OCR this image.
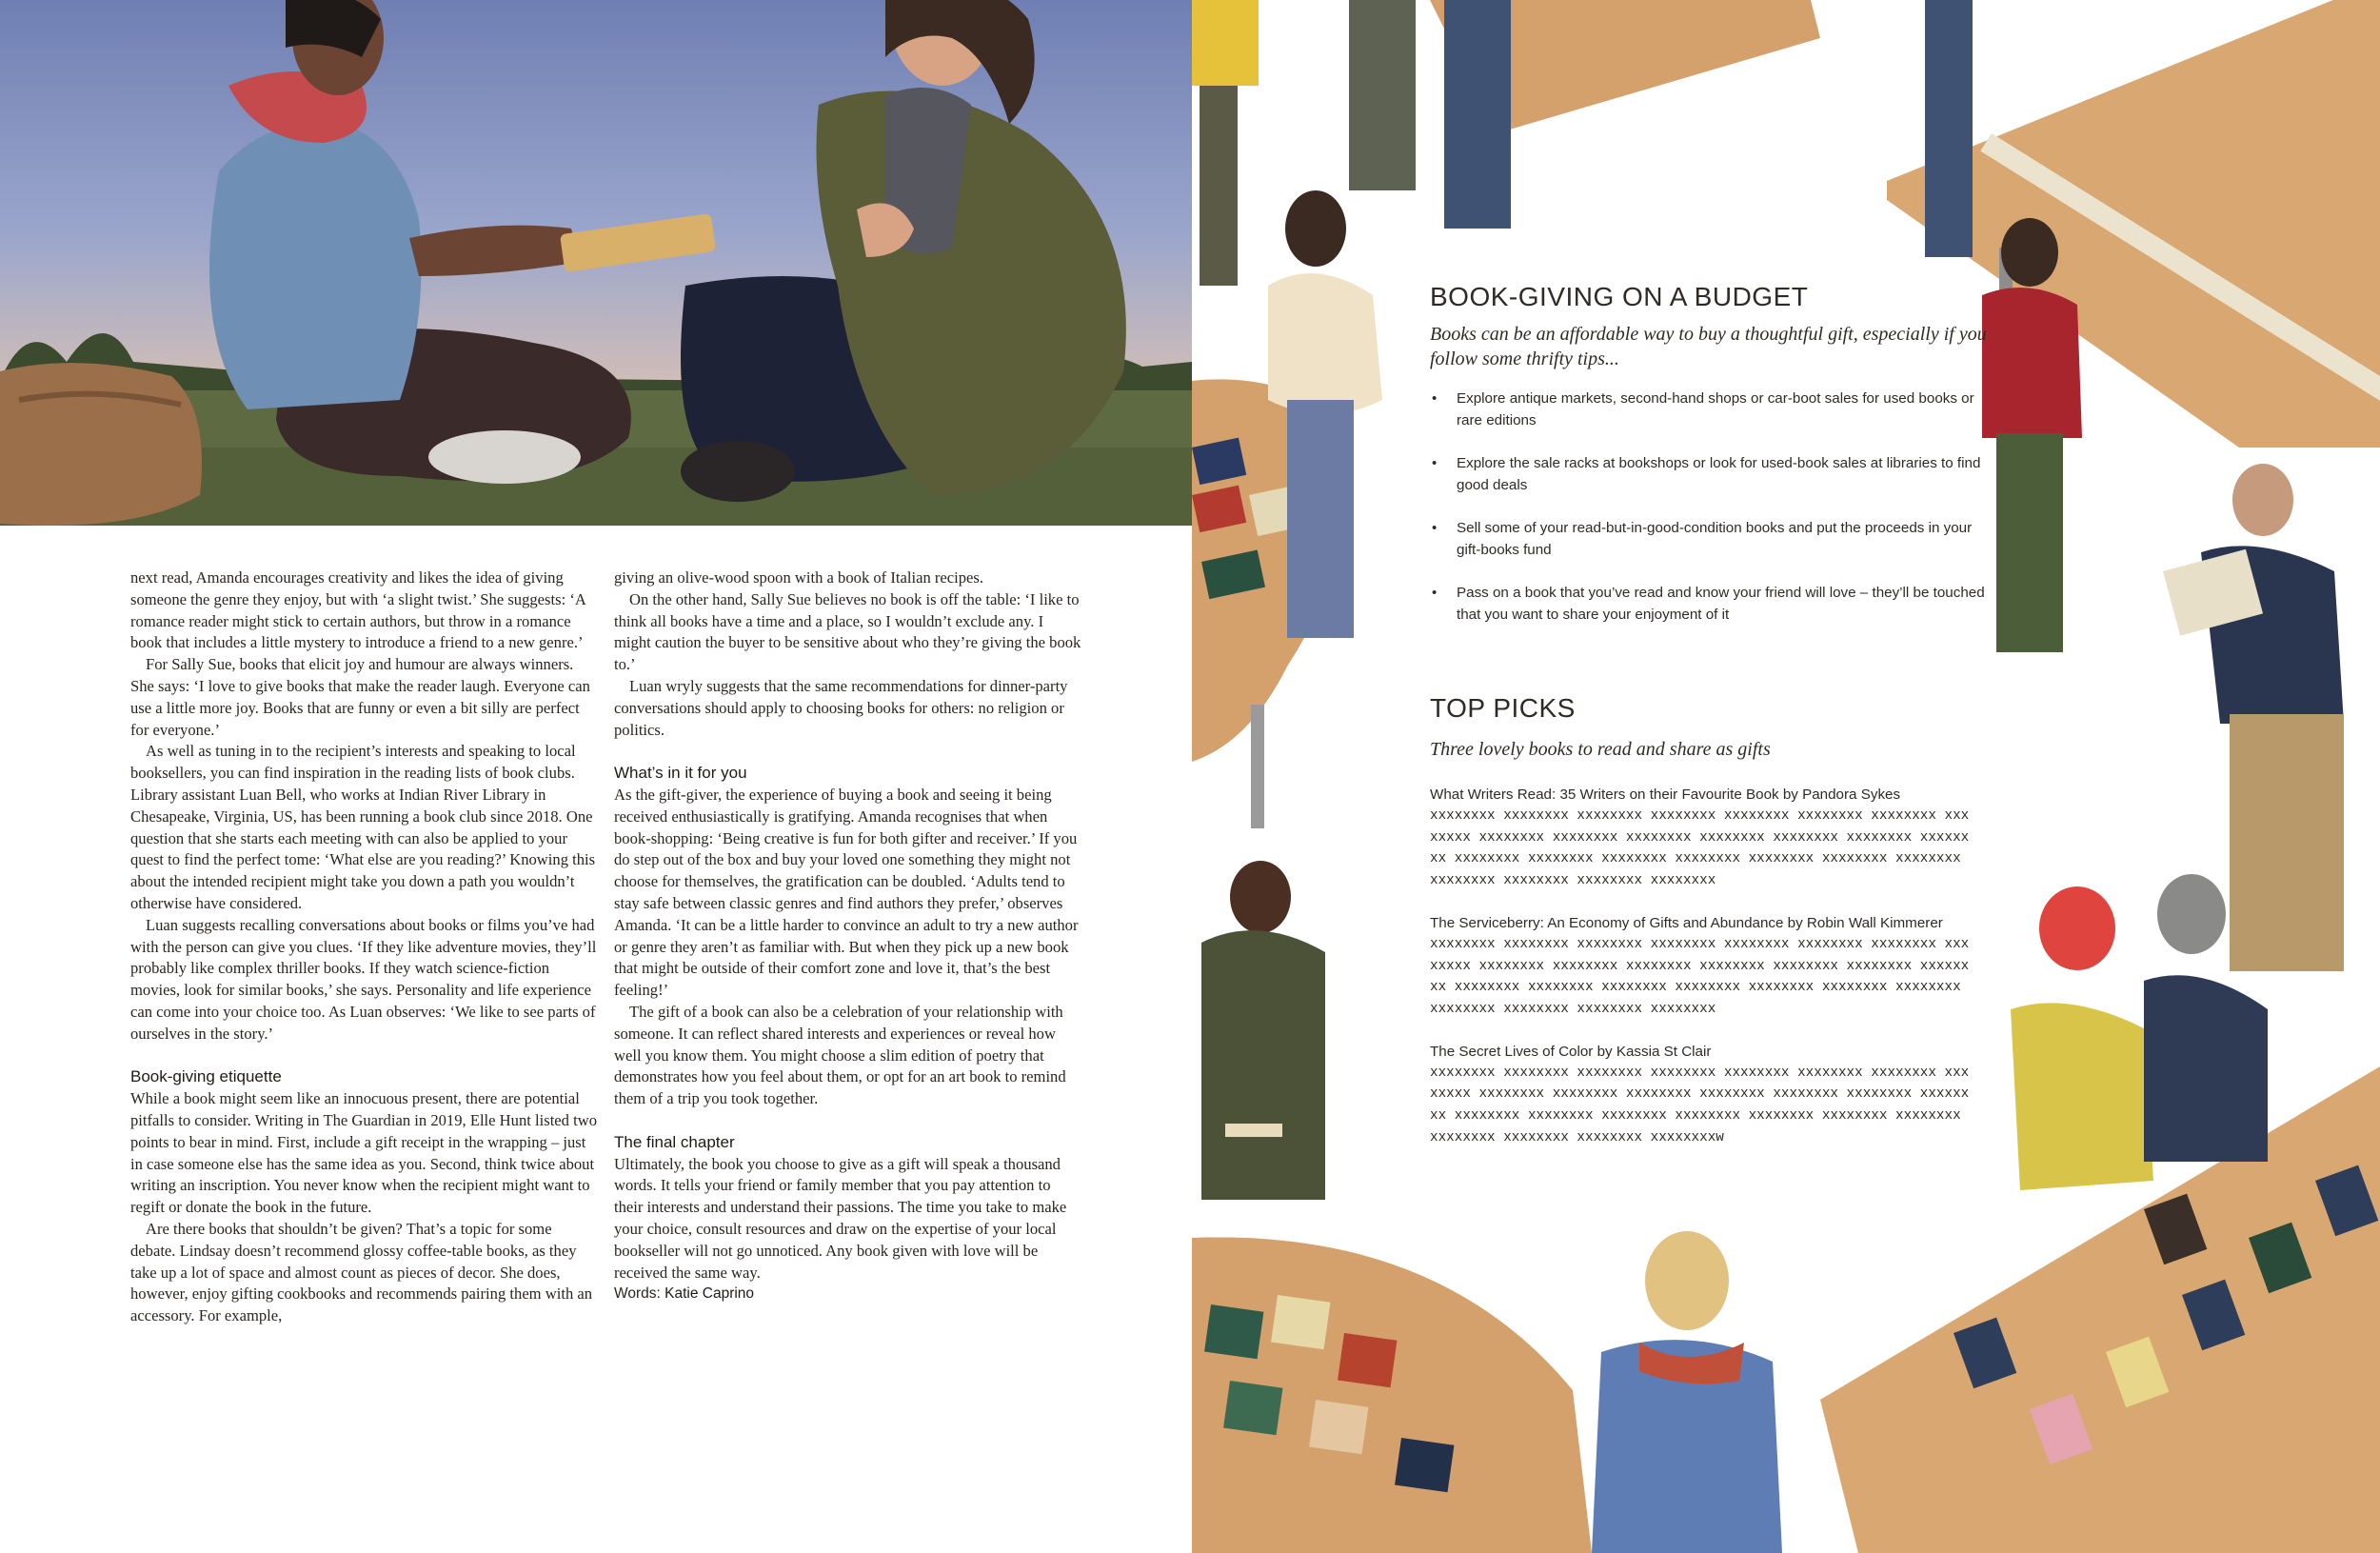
next read, Amanda encourages creativity and likes the idea of giving someone the genre they enjoy, but with ‘a slight twist.’ She suggests: ‘A romance reader might stick to certain authors, but throw in a romance book that includes a little mystery to introduce a friend to a new genre.’

For Sally Sue, books that elicit joy and humour are always winners. She says: ‘I love to give books that make the reader laugh. Everyone can use a little more joy. Books that are funny or even a bit silly are perfect for everyone.’

As well as tuning in to the recipient’s interests and speaking to local booksellers, you can find inspiration in the reading lists of book clubs. Library assistant Luan Bell, who works at Indian River Library in Chesapeake, Virginia, US, has been running a book club since 2018. One question that she starts each meeting with can also be applied to your quest to find the perfect tome: ‘What else are you reading?’ Knowing this about the intended recipient might take you down a path you wouldn’t otherwise have considered.

Luan suggests recalling conversations about books or films you’ve had with the person can give you clues. ‘If they like adventure movies, they’ll probably like complex thriller books. If they watch science-fiction movies, look for similar books,’ she says. Personality and life experience can come into your choice too. As Luan observes: ‘We like to see parts of ourselves in the story.’

Book-giving etiquette

While a book might seem like an innocuous present, there are potential pitfalls to consider. Writing in The Guardian in 2019, Elle Hunt listed two points to bear in mind. First, include a gift receipt in the wrapping – just in case someone else has the same idea as you. Second, think twice about writing an inscription. You never know when the recipient might want to regift or donate the book in the future.

Are there books that shouldn’t be given? That’s a topic for some debate. Lindsay doesn’t recommend glossy coffee-table books, as they take up a lot of space and almost count as pieces of decor. She does, however, enjoy gifting cookbooks and recommends pairing them with an accessory. For example,

giving an olive-wood spoon with a book of Italian recipes.

On the other hand, Sally Sue believes no book is off the table: ‘I like to think all books have a time and a place, so I wouldn’t exclude any. I might caution the buyer to be sensitive about who they’re giving the book to.’

Luan wryly suggests that the same recommendations for dinner-party conversations should apply to choosing books for others: no religion or politics.

What’s in it for you

As the gift-giver, the experience of buying a book and seeing it being received enthusiastically is gratifying. Amanda recognises that when book-shopping: ‘Being creative is fun for both gifter and receiver.’ If you do step out of the box and buy your loved one something they might not choose for themselves, the gratification can be doubled. ‘Adults tend to stay safe between classic genres and find authors they prefer,’ observes Amanda. ‘It can be a little harder to convince an adult to try a new author or genre they aren’t as familiar with. But when they pick up a new book that might be outside of their comfort zone and love it, that’s the best feeling!’

The gift of a book can also be a celebration of your relationship with someone. It can reflect shared interests and experiences or reveal how well you know them. You might choose a slim edition of poetry that demonstrates how you feel about them, or opt for an art book to remind them of a trip you took together.

The final chapter

Ultimately, the book you choose to give as a gift will speak a thousand words. It tells your friend or family member that you pay attention to their interests and understand their passions. The time you take to make your choice, consult resources and draw on the expertise of your local bookseller will not go unnoticed. Any book given with love will be received the same way.

Words: Katie Caprino

BOOK-GIVING ON A BUDGET

Books can be an affordable way to buy a thoughtful gift, especially if you follow some thrifty tips...

• Explore antique markets, second-hand shops or car-boot sales for used books or rare editions
• Explore the sale racks at bookshops or look for used-book sales at libraries to find good deals
• Sell some of your read-but-in-good-condition books and put the proceeds in your gift-books fund
• Pass on a book that you’ve read and know your friend will love – they’ll be touched that you want to share your enjoyment of it
TOP PICKS

Three lovely books to read and share as gifts

What Writers Read: 35 Writers on their Favourite Book by Pandora Sykes
xxxxxxxx xxxxxxxx xxxxxxxx xxxxxxxx xxxxxxxx xxxxxxxx xxxxxxxx xxxxxxxx xxxxxxxx xxxxxxxx xxxxxxxx xxxxxxxx xxxxxxxx xxxxxxxx xxxxxxxx xxxxxxxx xxxxxxxx xxxxxxxx xxxxxxxx xxxxxxxx xxxxxxxx xxxxxxxx xxxxxxxx xxxxxxxx xxxxxxxx xxxxxxxx
The Serviceberry: An Economy of Gifts and Abundance by Robin Wall Kimmerer
xxxxxxxx xxxxxxxx xxxxxxxx xxxxxxxx xxxxxxxx xxxxxxxx xxxxxxxx xxxxxxxx xxxxxxxx xxxxxxxx xxxxxxxx xxxxxxxx xxxxxxxx xxxxxxxx xxxxxxxx xxxxxxxx xxxxxxxx xxxxxxxx xxxxxxxx xxxxxxxx xxxxxxxx xxxxxxxx xxxxxxxx xxxxxxxx xxxxxxxx xxxxxxxx
The Secret Lives of Color by Kassia St Clair
xxxxxxxx xxxxxxxx xxxxxxxx xxxxxxxx xxxxxxxx xxxxxxxx xxxxxxxx xxxxxxxx xxxxxxxx xxxxxxxx xxxxxxxx xxxxxxxx xxxxxxxx xxxxxxxx xxxxxxxx xxxxxxxx xxxxxxxx xxxxxxxx xxxxxxxx xxxxxxxx xxxxxxxx xxxxxxxx xxxxxxxx xxxxxxxx xxxxxxxx xxxxxxxxw
